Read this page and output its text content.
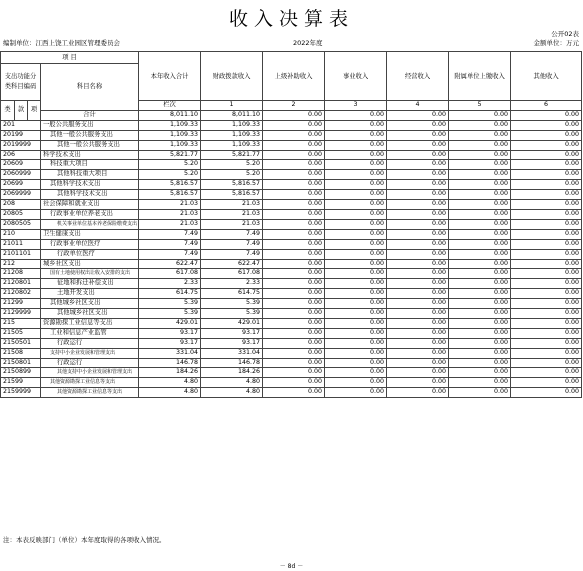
收入决算表
公开02表
编制单位：江西上饶工业园区管理委员会	2022年度	金额单位：万元
项 目				本年收入合计	财政拨款收入	上级补助收入	事业收入	经营收入	附属单位上缴收入	其他收入	
支出功能分类科目编码			科目名称								
类	款	项		栏次	1	2	3	4	5	6	
			合计	8,011.10	8,011.10	0.00	0.00	0.00	0.00	0.00	
201			一般公共服务支出	1,109.33	1,109.33	0.00	0.00	0.00	0.00	0.00	
20199			其他一般公共服务支出	1,109.33	1,109.33	0.00	0.00	0.00	0.00	0.00	
2019999			其他一般公共服务支出	1,109.33	1,109.33	0.00	0.00	0.00	0.00	0.00	
206			科学技术支出	5,821.77	5,821.77	0.00	0.00	0.00	0.00	0.00	
20609			科技重大项目	5.20	5.20	0.00	0.00	0.00	0.00	0.00	
2060999			其他科技重大项目	5.20	5.20	0.00	0.00	0.00	0.00	0.00	
20699			其他科学技术支出	5,816.57	5,816.57	0.00	0.00	0.00	0.00	0.00	
2069999			其他科学技术支出	5,816.57	5,816.57	0.00	0.00	0.00	0.00	0.00	
208			社会保障和就业支出	21.03	21.03	0.00	0.00	0.00	0.00	0.00	
20805			行政事业单位养老支出	21.03	21.03	0.00	0.00	0.00	0.00	0.00	
2080505			机关事业单位基本养老保险缴费支出	21.03	21.03	0.00	0.00	0.00	0.00	0.00	
210			卫生健康支出	7.49	7.49	0.00	0.00	0.00	0.00	0.00	
21011			行政事业单位医疗	7.49	7.49	0.00	0.00	0.00	0.00	0.00	
2101101			行政单位医疗	7.49	7.49	0.00	0.00	0.00	0.00	0.00	
212			城乡社区支出	622.47	622.47	0.00	0.00	0.00	0.00	0.00	
21208			国有土地使用权出让收入安排的支出	617.08	617.08	0.00	0.00	0.00	0.00	0.00	
2120801			征地和拆迁补偿支出	2.33	2.33	0.00	0.00	0.00	0.00	0.00	
2120802			土地开发支出	614.75	614.75	0.00	0.00	0.00	0.00	0.00	
21299			其他城乡社区支出	5.39	5.39	0.00	0.00	0.00	0.00	0.00	
2129999			其他城乡社区支出	5.39	5.39	0.00	0.00	0.00	0.00	0.00	
215			资源勘探工业信息等支出	429.01	429.01	0.00	0.00	0.00	0.00	0.00	
21505			工业和信息产业监管	93.17	93.17	0.00	0.00	0.00	0.00	0.00	
2150501			行政运行	93.17	93.17	0.00	0.00	0.00	0.00	0.00	
21508			支持中小企业发展和管理支出	331.04	331.04	0.00	0.00	0.00	0.00	0.00	
2150801			行政运行	146.78	146.78	0.00	0.00	0.00	0.00	0.00	
2150899			其他支持中小企业发展和管理支出	184.26	184.26	0.00	0.00	0.00	0.00	0.00	
21599			其他资源勘探工业信息等支出	4.80	4.80	0.00	0.00	0.00	0.00	0.00	
2159999			其他资源勘探工业信息等支出	4.80	4.80	0.00	0.00	0.00	0.00	0.00	
注：本表反映部门（单位）本年度取得的各项收入情况。
－ 8d －
